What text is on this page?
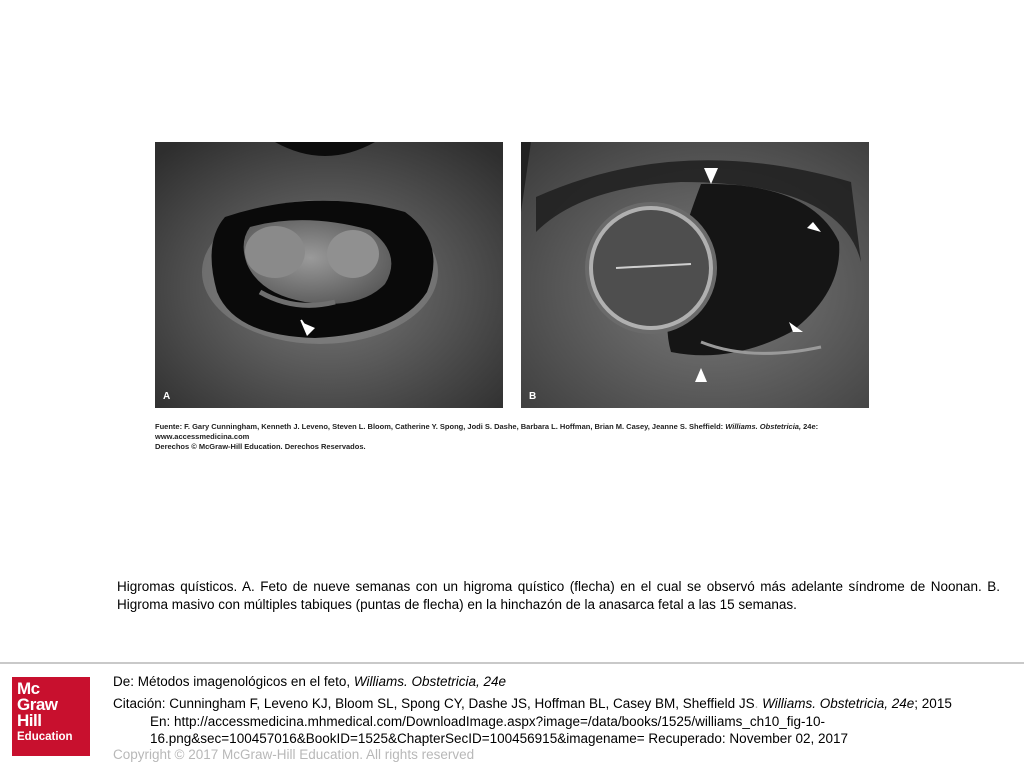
A	B
Fuente: F. Gary Cunningham, Kenneth J. Leveno, Steven L. Bloom, Catherine Y. Spong, Jodi S. Dashe, Barbara L. Hoffman, Brian M. Casey, Jeanne S. Sheffield: Williams. Obstetricia, 24e:
www.accessmedicina.com
Derechos © McGraw-Hill Education. Derechos Reservados.
Higromas quísticos. A. Feto de nueve semanas con un higroma quístico (flecha) en el cual se observó más adelante síndrome de Noonan. B. Higroma masivo con múltiples tabiques (puntas de flecha) en la hinchazón de la anasarca fetal a las 15 semanas.
Mc
Graw
Hill
Education
De: Métodos imagenológicos en el feto, Williams. Obstetricia, 24e
Citación: Cunningham F, Leveno KJ, Bloom SL, Spong CY, Dashe JS, Hoffman BL, Casey BM, Sheffield JS. Williams. Obstetricia, 24e; 2015
En: http://accessmedicina.mhmedical.com/DownloadImage.aspx?image=/data/books/1525/williams_ch10_fig-10-
16.png&sec=100457016&BookID=1525&ChapterSecID=100456915&imagename= Recuperado: November 02, 2017
Copyright © 2017 McGraw-Hill Education. All rights reserved
